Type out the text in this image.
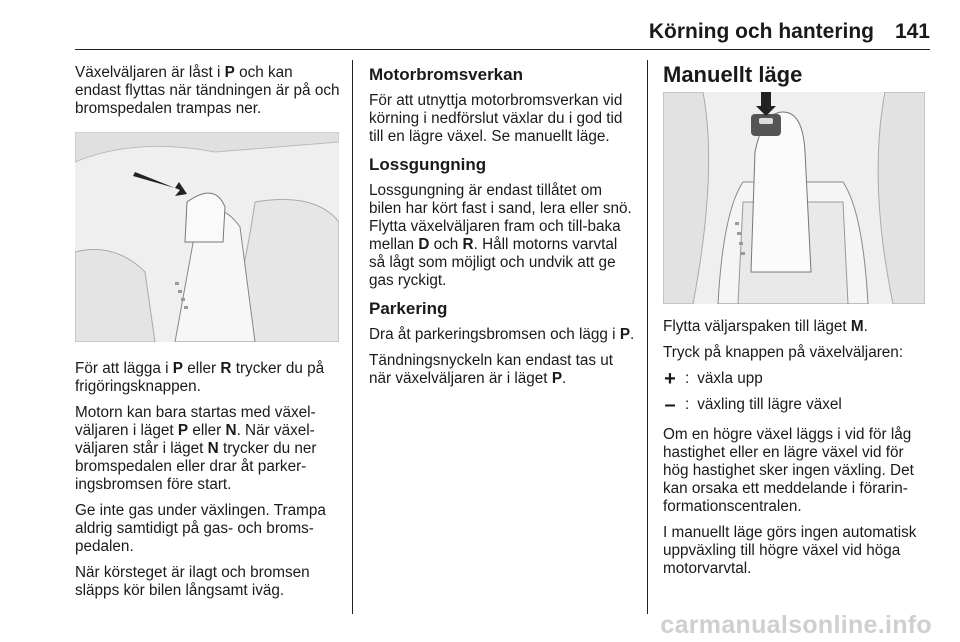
Körning och hantering 141

Växelväljaren är låst i P och kan endast flyttas när tändningen är på och bromspedalen trampas ner.

För att lägga i P eller R trycker du på frigöringsknappen.

Motorn kan bara startas med växel-väljaren i läget P eller N. När växel-väljaren står i läget N trycker du ner bromspedalen eller drar åt parker-ingsbromsen före start.

Ge inte gas under växlingen. Trampa aldrig samtidigt på gas- och broms-pedalen.

När körsteget är ilagt och bromsen släpps kör bilen långsamt iväg.

Motorbromsverkan

För att utnyttja motorbromsverkan vid körning i nedförslut växlar du i god tid till en lägre växel. Se manuellt läge.

Lossgungning

Lossgungning är endast tillåtet om bilen har kört fast i sand, lera eller snö. Flytta växelväljaren fram och till-baka mellan D och R. Håll motorns varvtal så lågt som möjligt och undvik att ge gas ryckigt.

Parkering

Dra åt parkeringsbromsen och lägg i P.

Tändningsnyckeln kan endast tas ut när växelväljaren är i läget P.

Manuellt läge

Flytta väljarspaken till läget M.

Tryck på knappen på växelväljaren:

+ : växla upp
– : växling till lägre växel

Om en högre växel läggs i vid för låg hastighet eller en lägre växel vid för hög hastighet sker ingen växling. Det kan orsaka ett meddelande i förarin-formationscentralen.

I manuellt läge görs ingen automatisk uppväxling till högre växel vid höga motorvarvtal.

carmanualsonline.info
